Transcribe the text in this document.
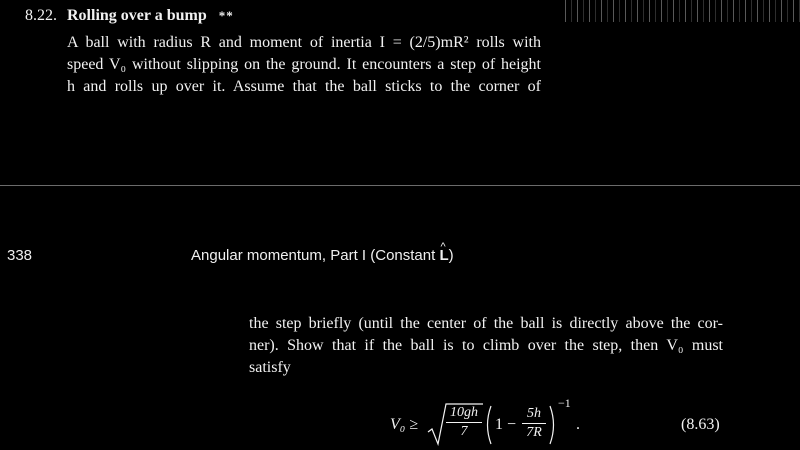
8.22. Rolling over a bump **
A ball with radius R and moment of inertia I = (2/5)mR² rolls with
speed V₀ without slipping on the ground. It encounters a step of height
h and rolls up over it. Assume that the ball sticks to the corner of
338	Angular momentum, Part I (Constant ^ L)
the step briefly (until the center of the ball is directly above the cor-
ner). Show that if the ball is to climb over the step, then V₀ must
satisfy
V₀ ≥
10gh
7	1 −
5h
7R
−1
.	(8.63)
